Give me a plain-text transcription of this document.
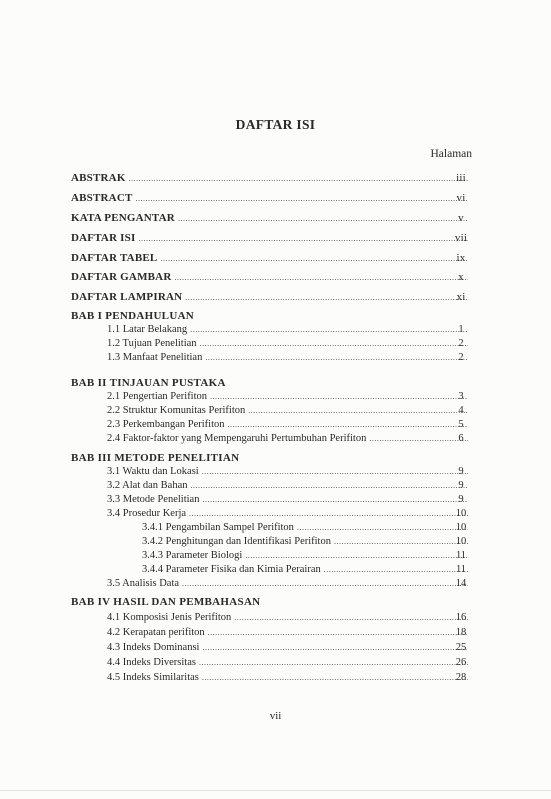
DAFTAR ISI
Halaman
ABSTRAK .....	iii
ABSTRACT .....	vi
KATA PENGANTAR .....	v
DAFTAR ISI .....	vii
DAFTAR TABEL .....	ix
DAFTAR GAMBAR .....	x
DAFTAR LAMPIRAN .....	xi
BAB I PENDAHULUAN
1.1 Latar Belakang .....	1
1.2 Tujuan Penelitian .....	2
1.3 Manfaat Penelitian .....	2
BAB II TINJAUAN PUSTAKA
2.1 Pengertian Perifiton .....	3
2.2 Struktur Komunitas Perifiton .....	4
2.3 Perkembangan Perifiton .....	5
2.4 Faktor-faktor yang Mempengaruhi Pertumbuhan Perifiton .....	6
BAB III METODE PENELITIAN
3.1 Waktu dan Lokasi .....	9
3.2 Alat dan Bahan .....	9
3.3 Metode Penelitian .....	9
3.4 Prosedur Kerja .....	10
3.4.1 Pengambilan Sampel Perifiton .....	10
3.4.2 Penghitungan dan Identifikasi Perifiton .....	10
3.4.3 Parameter Biologi .....	11
3.4.4 Parameter Fisika dan Kimia Perairan .....	11
3.5 Analisis Data .....	14
BAB IV HASIL DAN PEMBAHASAN
4.1 Komposisi Jenis Perifiton .....	16
4.2 Kerapatan perifiton .....	18
4.3 Indeks Dominansi .....	25
4.4 Indeks Diversitas .....	26
4.5 Indeks Similaritas .....	28
vii
